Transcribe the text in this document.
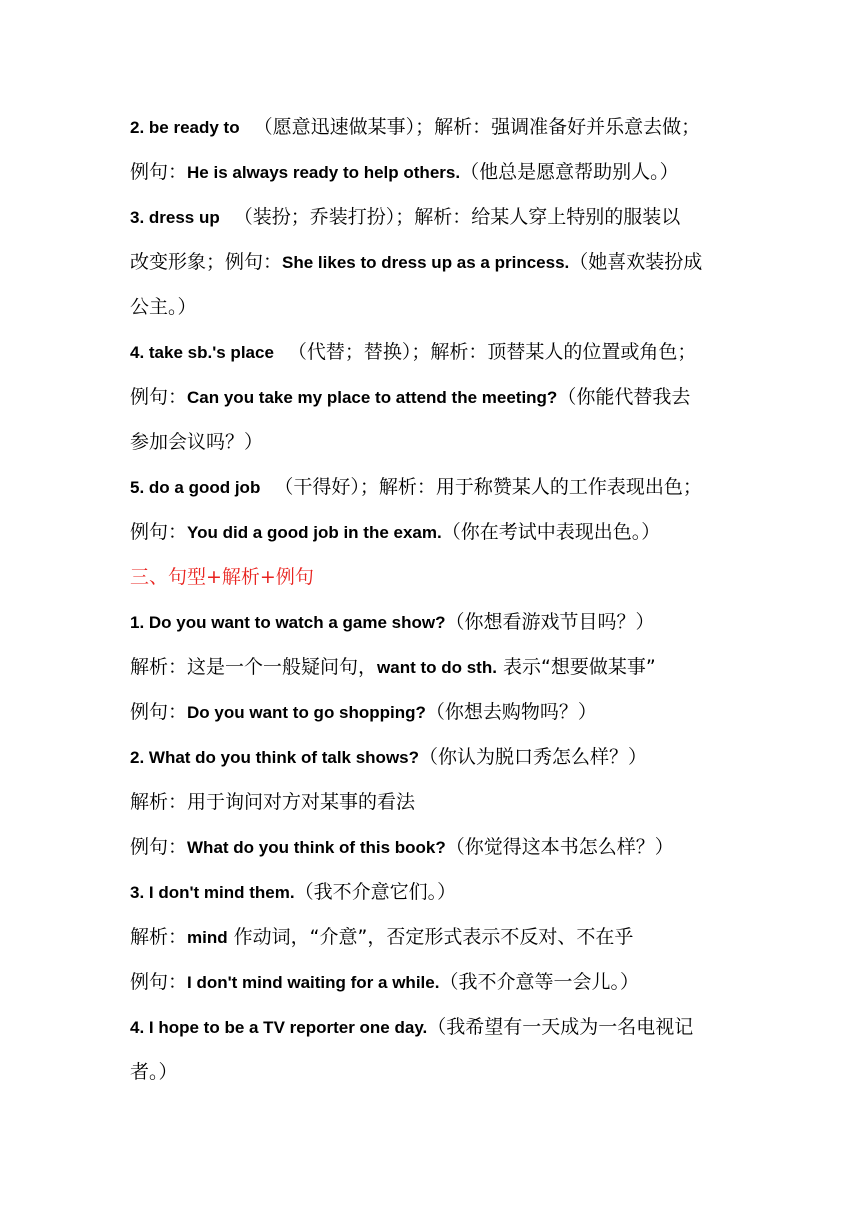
2. be ready to （愿意迅速做某事）；解析：强调准备好并乐意去做；
例句：He is always ready to help others.（他总是愿意帮助别人。）
3. dress up （装扮；乔装打扮）；解析：给某人穿上特别的服装以
改变形象；例句：She likes to dress up as a princess.（她喜欢装扮成
公主。）
4. take sb.'s place （代替；替换）；解析：顶替某人的位置或角色；
例句：Can you take my place to attend the meeting?（你能代替我去
参加会议吗？）
5. do a good job （干得好）；解析：用于称赞某人的工作表现出色；
例句：You did a good job in the exam.（你在考试中表现出色。）
三、句型+解析+例句
1. Do you want to watch a game show?（你想看游戏节目吗？）
解析：这是一个一般疑问句，want to do sth. 表示“想要做某事”
例句：Do you want to go shopping?（你想去购物吗？）
2. What do you think of talk shows?（你认为脱口秀怎么样？）
解析：用于询问对方对某事的看法
例句：What do you think of this book?（你觉得这本书怎么样？）
3. I don't mind them.（我不介意它们。）
解析：mind 作动词，“介意”，否定形式表示不反对、不在乎
例句：I don't mind waiting for a while.（我不介意等一会儿。）
4. I hope to be a TV reporter one day.（我希望有一天成为一名电视记
者。）
